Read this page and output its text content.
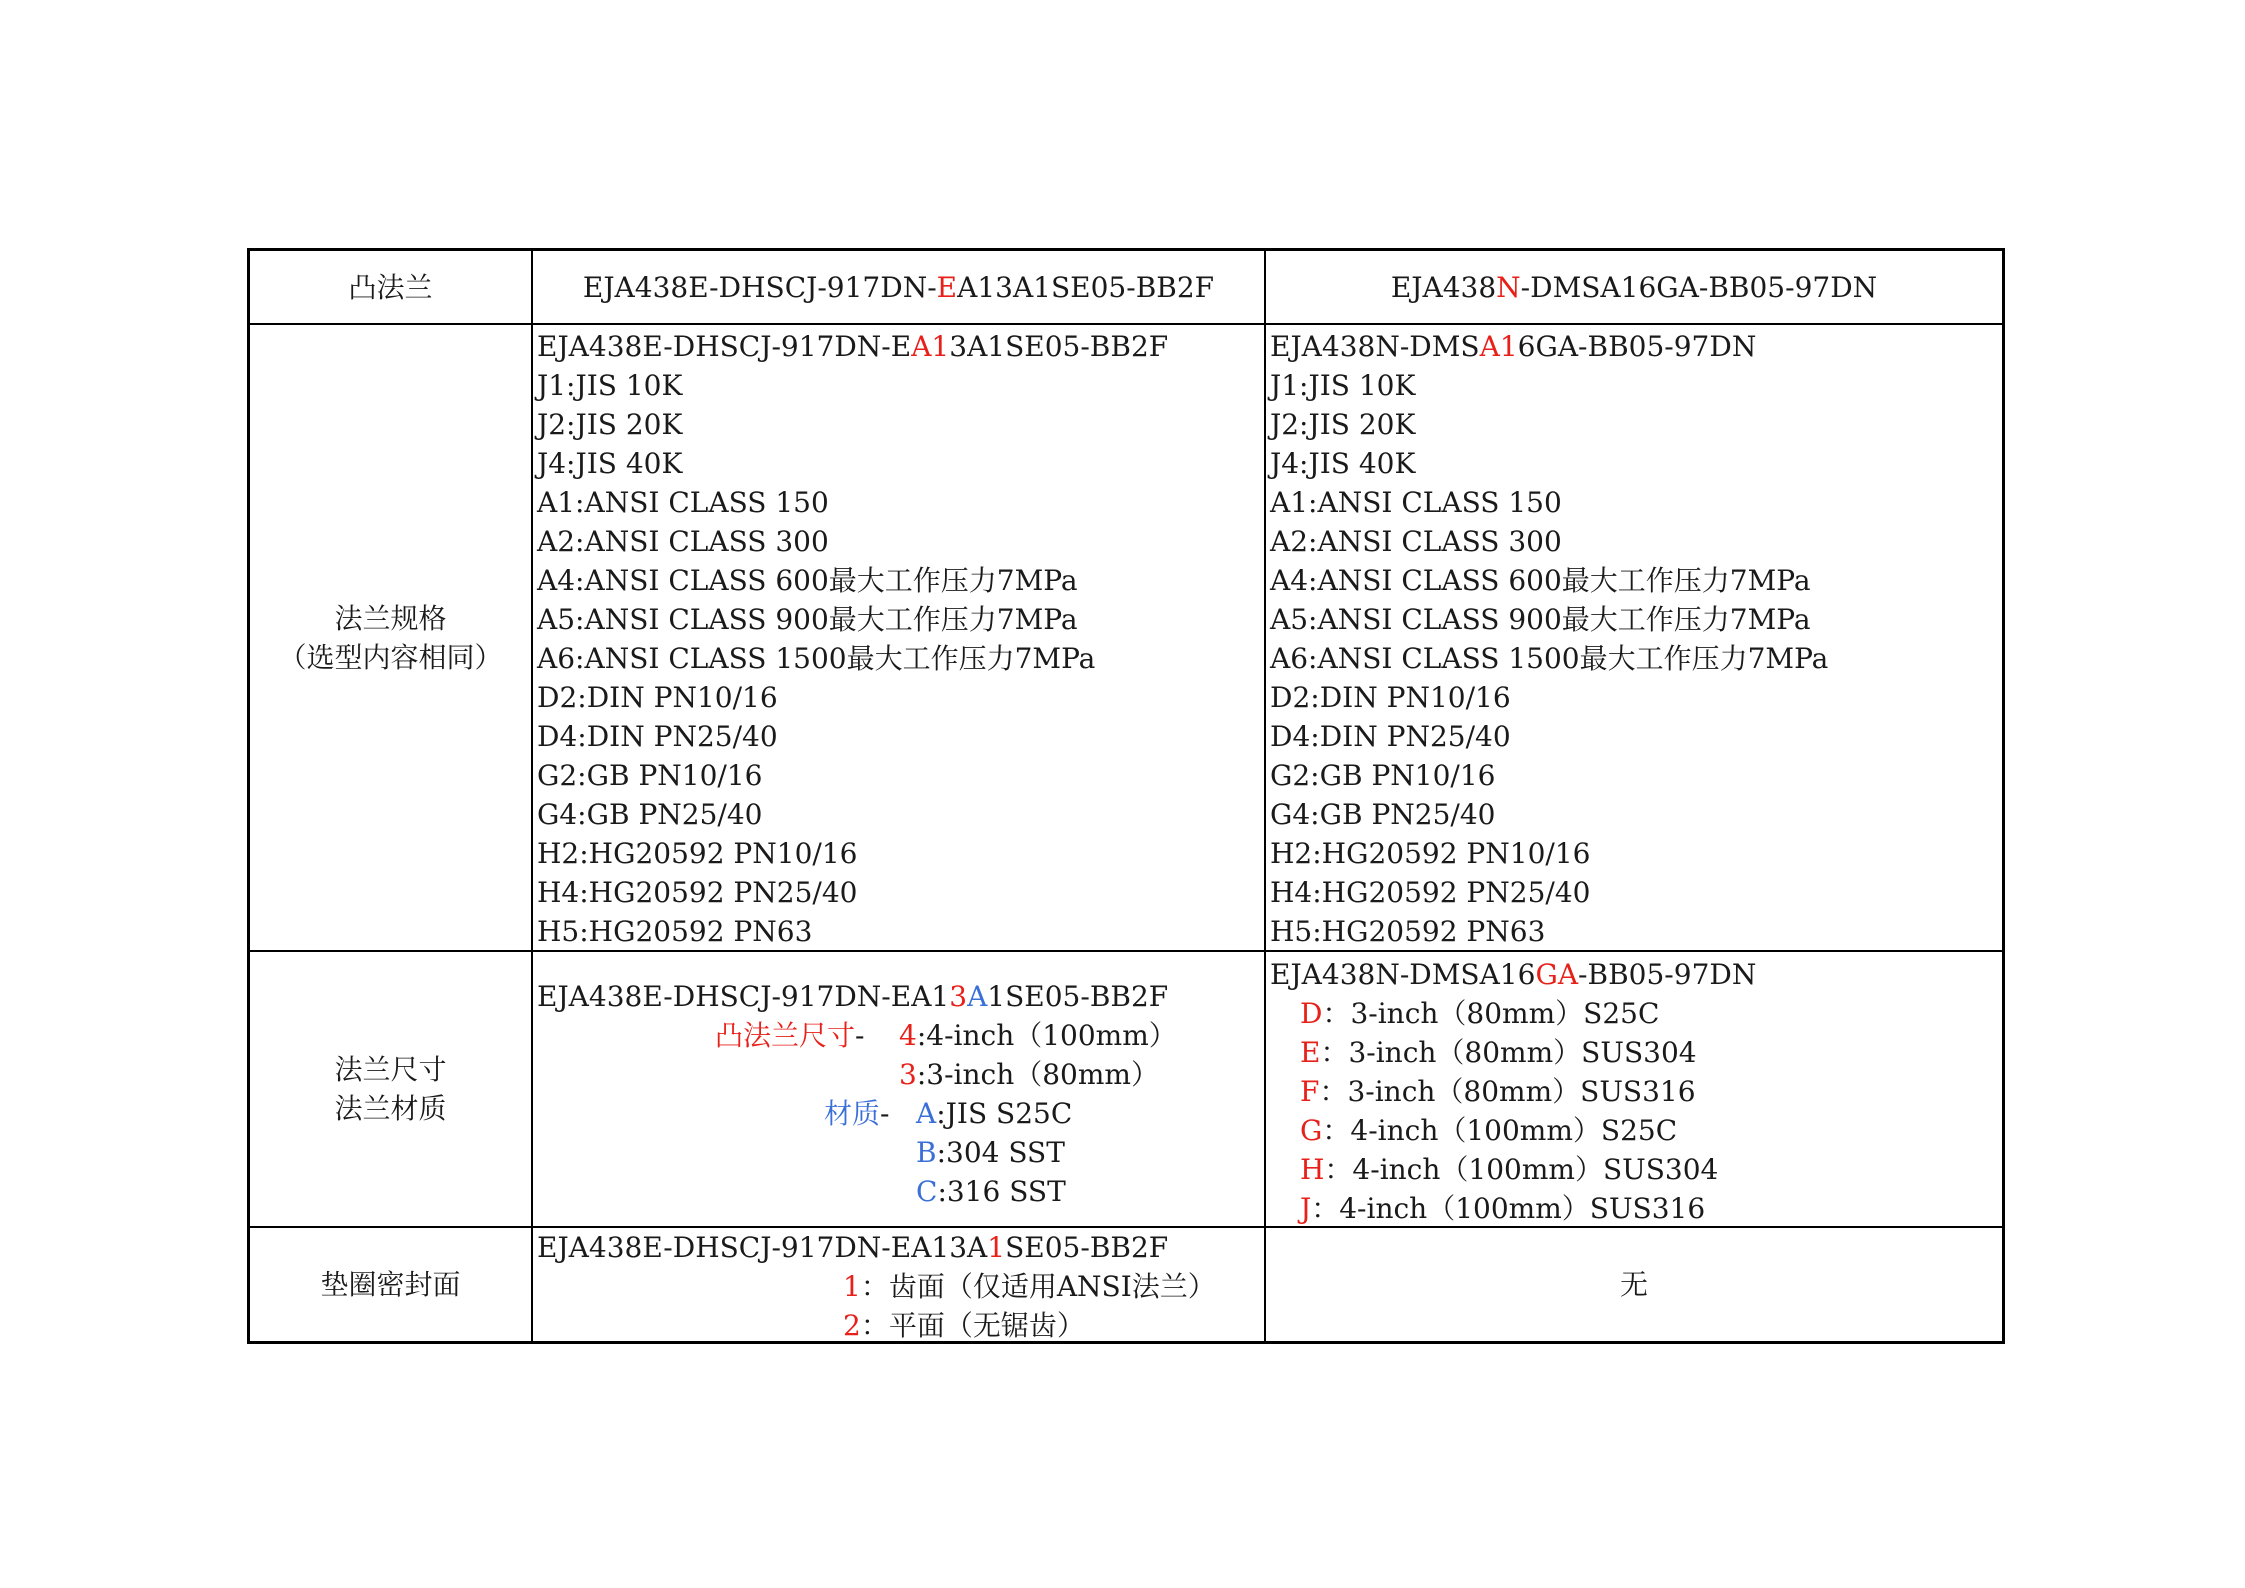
凸法兰	EJA438E-DHSCJ-917DN-EA13A1SE05-BB2F	EJA438N-DMSA16GA-BB05-97DN
法兰规格
（选型内容相同）
EJA438E-DHSCJ-917DN-EA13A1SE05-BB2F
J1:JIS 10K
J2:JIS 20K
J4:JIS 40K
A1:ANSI CLASS 150
A2:ANSI CLASS 300
A4:ANSI CLASS 600最大工作压力7MPa
A5:ANSI CLASS 900最大工作压力7MPa
A6:ANSI CLASS 1500最大工作压力7MPa
D2:DIN PN10/16
D4:DIN PN25/40
G2:GB PN10/16
G4:GB PN25/40
H2:HG20592 PN10/16
H4:HG20592 PN25/40
H5:HG20592 PN63
EJA438N-DMSA16GA-BB05-97DN
J1:JIS 10K
J2:JIS 20K
J4:JIS 40K
A1:ANSI CLASS 150
A2:ANSI CLASS 300
A4:ANSI CLASS 600最大工作压力7MPa
A5:ANSI CLASS 900最大工作压力7MPa
A6:ANSI CLASS 1500最大工作压力7MPa
D2:DIN PN10/16
D4:DIN PN25/40
G2:GB PN10/16
G4:GB PN25/40
H2:HG20592 PN10/16
H4:HG20592 PN25/40
H5:HG20592 PN63
法兰尺寸
法兰材质
EJA438E-DHSCJ-917DN-EA13A1SE05-BB2F
凸法兰尺寸- 4:4-inch（100mm）
3:3-inch（80mm）
材质- A:JIS S25C
B:304 SST
C:316 SST
EJA438N-DMSA16GA-BB05-97DN
D：3-inch（80mm）S25C
E：3-inch（80mm）SUS304
F：3-inch（80mm）SUS316
G：4-inch（100mm）S25C
H：4-inch（100mm）SUS304
J：4-inch（100mm）SUS316
垫圈密封面
EJA438E-DHSCJ-917DN-EA13A1SE05-BB2F
1：齿面（仅适用ANSI法兰）
2：平面（无锯齿）
无
